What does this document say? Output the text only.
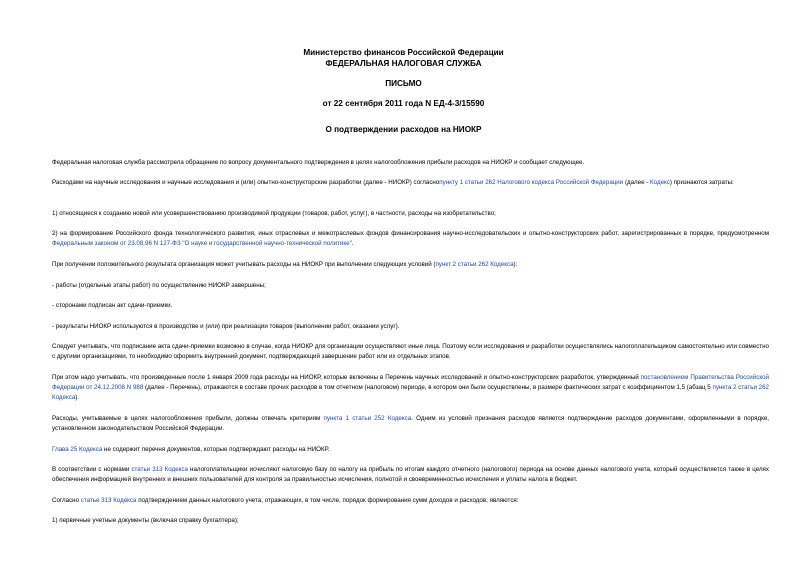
Министерство финансов Российской Федерации
ФЕДЕРАЛЬНАЯ НАЛОГОВАЯ СЛУЖБА
ПИСЬМО
от 22 сентября 2011 года N ЕД-4-3/15590
О подтверждении расходов на НИОКР

Федеральная налоговая служба рассмотрела обращение по вопросу документального подтверждения в целях налогообложения прибыли расходов на НИОКР и сообщает следующее.

Расходами на научные исследования и научные исследования и (или) опытно-конструкторские разработки (далее - НИОКР) согласнопункту 1 статьи 262 Налогового кодекса Российской Федерации (далее - Кодекс) признаются затраты:

1) относящиеся к созданию новой или усовершенствованию производимой продукции (товаров, работ, услуг), в частности, расходы на изобретательство;

2) на формирование Российского фонда технологического развития, иных отраслевых и межотраслевых фондов финансирования научно-исследовательских и опытно-конструкторских работ, зарегистрированных в порядке, предусмотренном Федеральным законом от 23.08.96 N 127-ФЗ "О науке и государственной научно-технической политике".

При получении положительного результата организация может учитывать расходы на НИОКР при выполнении следующих условий (пункт 2 статьи 262 Кодекса):

- работы (отдельные этапы работ) по осуществлению НИОКР завершены;

- сторонами подписан акт сдачи-приемки.

- результаты НИОКР используются в производстве и (или) при реализации товаров (выполнении работ, оказании услуг).

Следует учитывать, что подписание акта сдачи-приемки возможно в случае, когда НИОКР для организации осуществляют иные лица. Поэтому если исследования и разработки осуществлялись налогоплательщиком самостоятельно или совместно с другими организациями, то необходимо оформить внутренний документ, подтверждающий завершение работ или их отдельных этапов.

При этом надо учитывать, что произведенные после 1 января 2009 года расходы на НИОКР, которые включены в Перечень научных исследований и опытно-конструкторских разработок, утвержденный постановлением Правительства Российской Федерации от 24.12.2008 N 988 (далее - Перечень), отражаются в составе прочих расходов в том отчетном (налоговом) периоде, в котором они были осуществлены, в размере фактических затрат с коэффициентом 1,5 (абзац 5 пункта 2 статьи 262 Кодекса).

Расходы, учитываемые в целях налогообложения прибыли, должны отвечать критериям пункта 1 статьи 252 Кодекса. Одним из условий признания расходов является подтверждение расходов документами, оформленными в порядке, установленном законодательством Российской Федерации.

Глава 25 Кодекса не содержит перечня документов, которые подтверждают расходы на НИОКР.

В соответствии с нормами статьи 313 Кодекса налогоплательщики исчисляют налоговую базу по налогу на прибыль по итогам каждого отчетного (налогового) периода на основе данных налогового учета, который осуществляется также в целях обеспечения информацией внутренних и внешних пользователей для контроля за правильностью исчисления, полнотой и своевременностью исчисления и уплаты налога в бюджет.

Согласно статье 313 Кодекса подтверждением данных налогового учета, отражающих, в том числе, порядок формирования сумм доходов и расходов, являются:

1) первичные учетные документы (включая справку бухгалтера);
